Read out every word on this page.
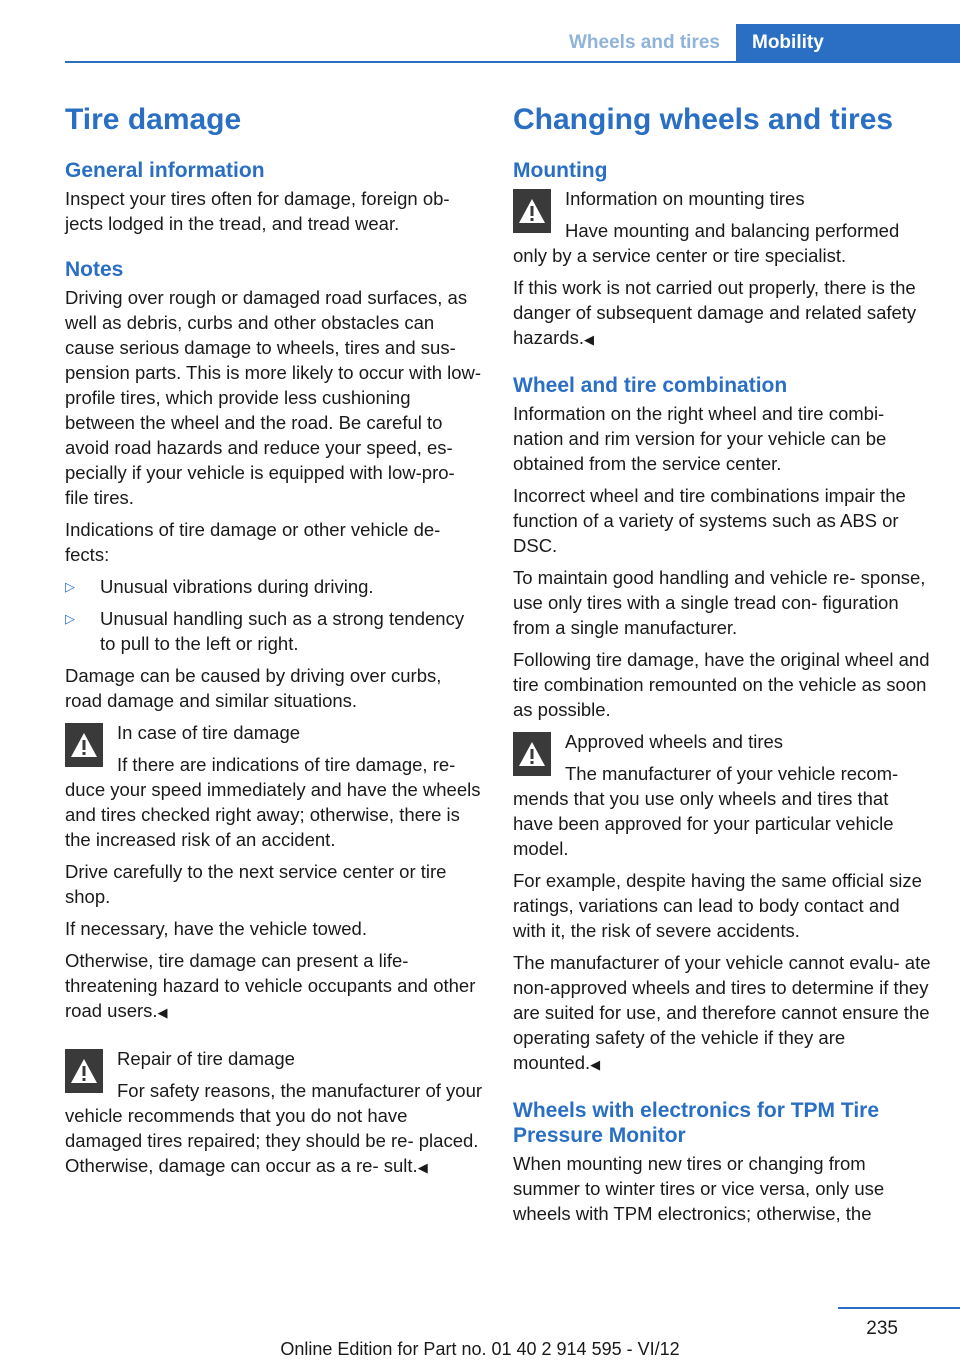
Wheels and tires	Mobility
Tire damage
General information

Inspect your tires often for damage, foreign ob‐ jects lodged in the tread, and tread wear.

Notes

Driving over rough or damaged road surfaces, as well as debris, curbs and other obstacles can cause serious damage to wheels, tires and sus‐ pension parts. This is more likely to occur with low-profile tires, which provide less cushioning between the wheel and the road. Be careful to avoid road hazards and reduce your speed, es‐ pecially if your vehicle is equipped with low-pro‐ file tires.

Indications of tire damage or other vehicle de‐ fects:

▷ Unusual vibrations during driving.
▷ Unusual handling such as a strong tendency to pull to the left or right.

Damage can be caused by driving over curbs, road damage and similar situations.

In case of tire damage

If there are indications of tire damage, re‐ duce your speed immediately and have the wheels and tires checked right away; otherwise, there is the increased risk of an accident.

Drive carefully to the next service center or tire shop.

If necessary, have the vehicle towed.

Otherwise, tire damage can present a life- threatening hazard to vehicle occupants and other road users.◀

Repair of tire damage

For safety reasons, the manufacturer of your vehicle recommends that you do not have damaged tires repaired; they should be re‐ placed. Otherwise, damage can occur as a re‐ sult.◀

Changing wheels and tires
Mounting

Information on mounting tires

Have mounting and balancing performed only by a service center or tire specialist.

If this work is not carried out properly, there is the danger of subsequent damage and related safety hazards.◀

Wheel and tire combination

Information on the right wheel and tire combi‐ nation and rim version for your vehicle can be obtained from the service center.

Incorrect wheel and tire combinations impair the function of a variety of systems such as ABS or DSC.

To maintain good handling and vehicle re‐ sponse, use only tires with a single tread con‐ figuration from a single manufacturer.

Following tire damage, have the original wheel and tire combination remounted on the vehicle as soon as possible.

Approved wheels and tires

The manufacturer of your vehicle recom‐ mends that you use only wheels and tires that have been approved for your particular vehicle model.

For example, despite having the same official size ratings, variations can lead to body contact and with it, the risk of severe accidents.

The manufacturer of your vehicle cannot evalu‐ ate non-approved wheels and tires to determine if they are suited for use, and therefore cannot ensure the operating safety of the vehicle if they are mounted.◀

Wheels with electronics for TPM Tire Pressure Monitor

When mounting new tires or changing from summer to winter tires or vice versa, only use wheels with TPM electronics; otherwise, the

235
Online Edition for Part no. 01 40 2 914 595 - VI/12
